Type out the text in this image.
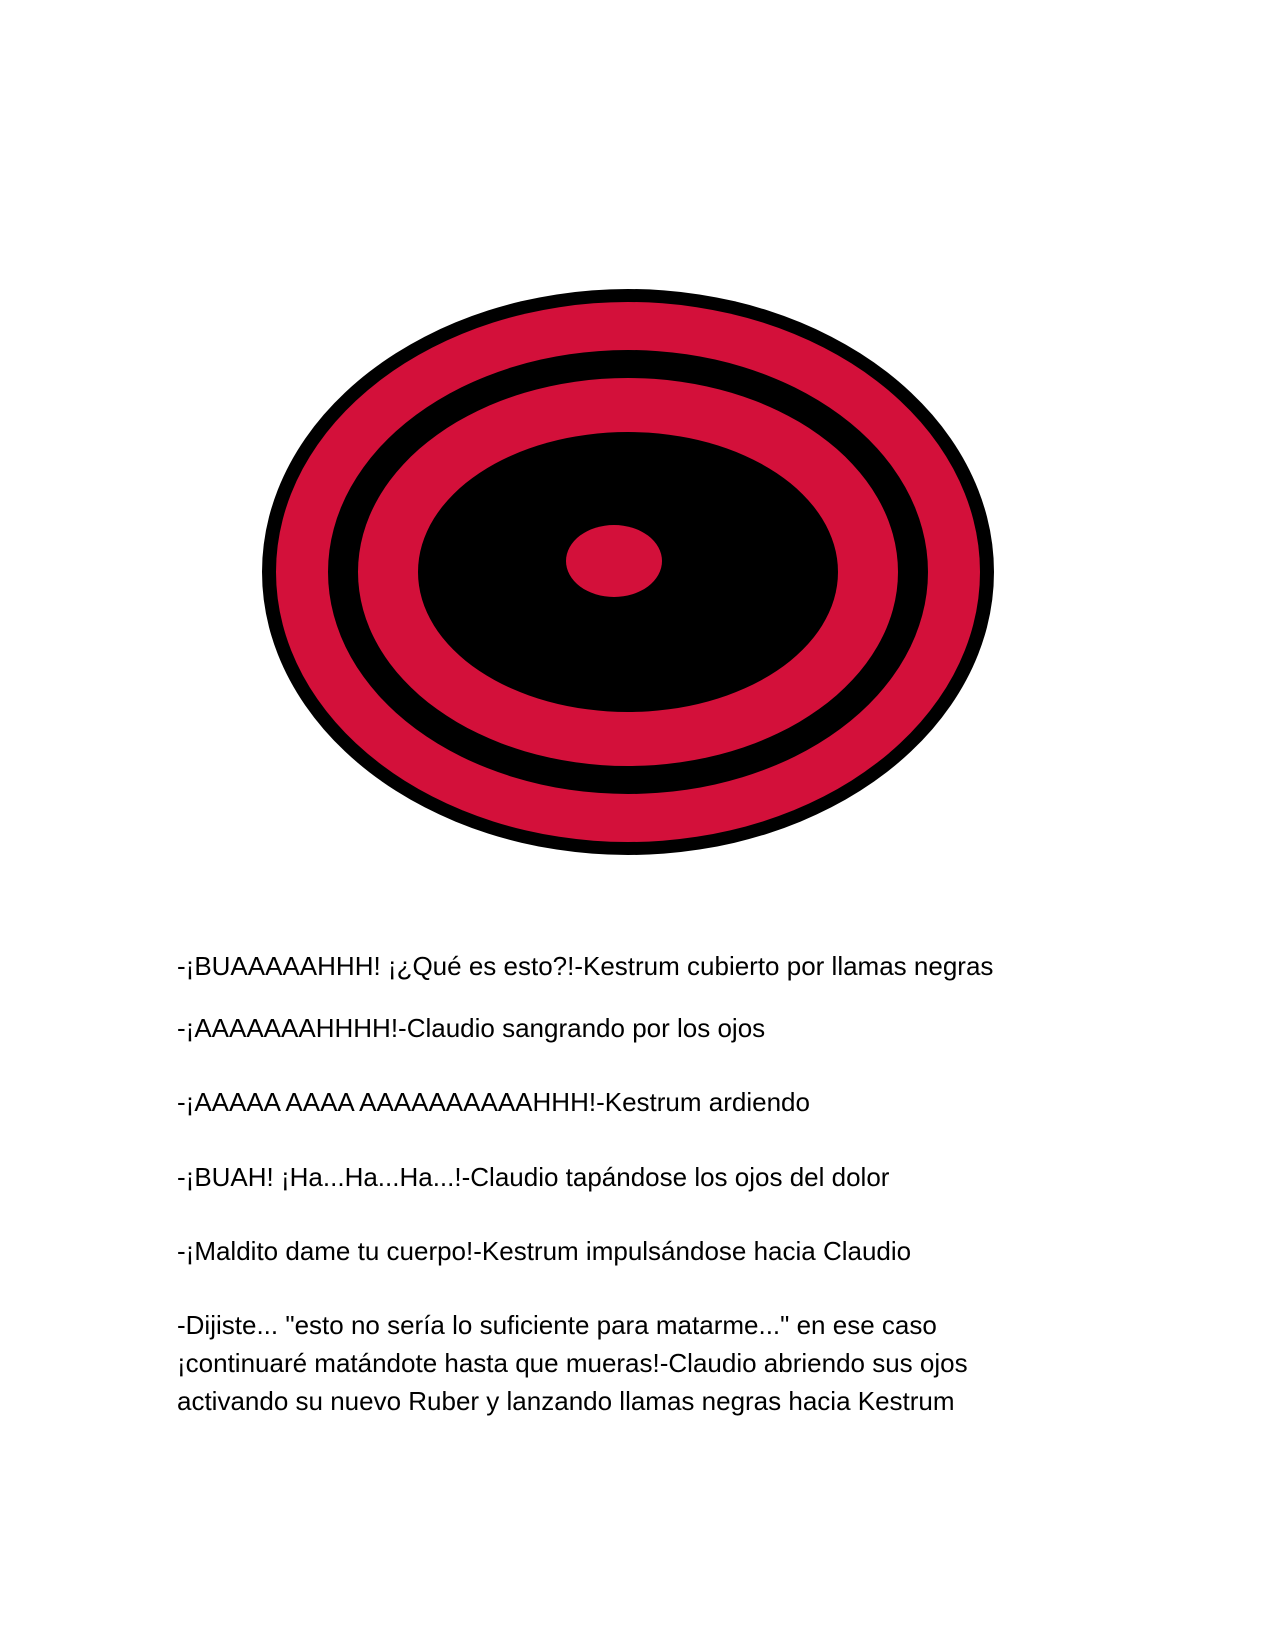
-¡BUAAAAAHHH! ¡¿Qué es esto?!-Kestrum cubierto por llamas negras
-¡AAAAAAAHHHH!-Claudio sangrando por los ojos
-¡AAAAA AAAA AAAAAAAAAAHHH!-Kestrum ardiendo
-¡BUAH! ¡Ha...Ha...Ha...!-Claudio tapándose los ojos del dolor
-¡Maldito dame tu cuerpo!-Kestrum impulsándose hacia Claudio
-Dijiste... "esto no sería lo suficiente para matarme..." en ese caso
¡continuaré matándote hasta que mueras!-Claudio abriendo sus ojos
activando su nuevo Ruber y lanzando llamas negras hacia Kestrum
